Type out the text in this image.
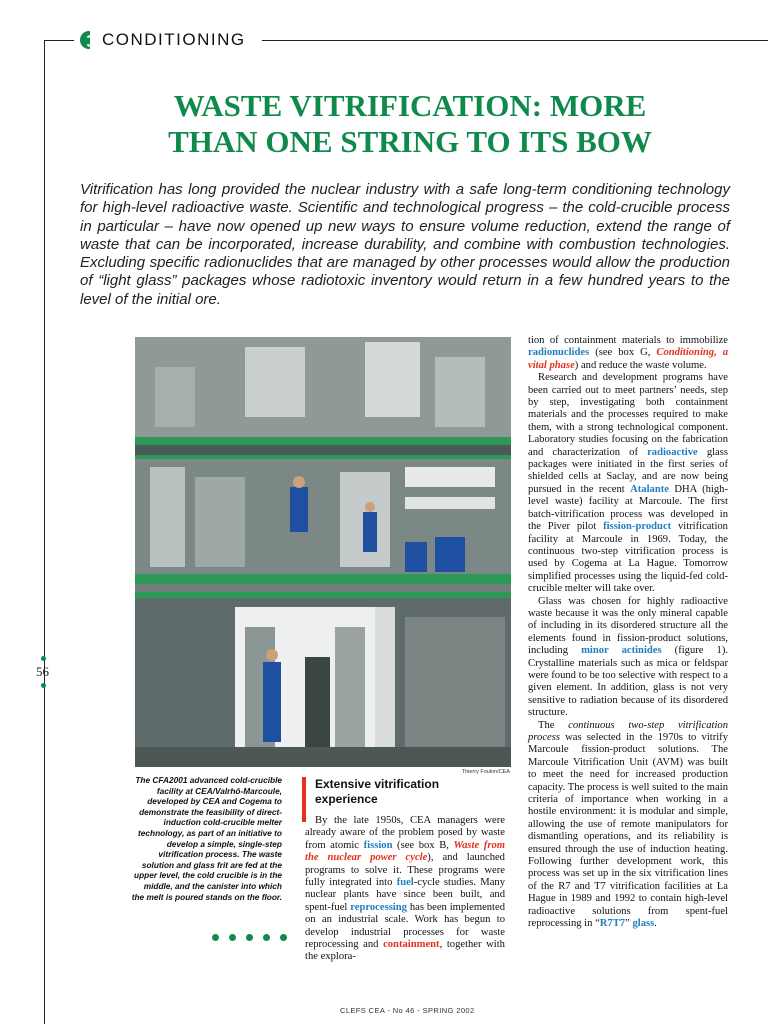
CONDITIONING
WASTE VITRIFICATION: MORE
THAN ONE STRING TO ITS BOW
Vitrification has long provided the nuclear industry with a safe long-term conditioning technology for high-level radioactive waste. Scientific and technological progress – the cold-crucible process in particular – have now opened up new ways to ensure volume reduction, extend the range of waste that can be incorporated, increase durability, and combine with combustion technologies. Excluding specific radionuclides that are managed by other processes would allow the production of “light glass” packages whose radiotoxic inventory would return in a few hundred years to the level of the initial ore.
Thierry Foulon/CEA
The CFA2001 advanced cold-crucible facility at CEA/Valrhô-Marcoule, developed by CEA and Cogema to demonstrate the feasibility of direct-induction cold-crucible melter technology, as part of an initiative to develop a simple, single-step vitrification process. The waste solution and glass frit are fed at the upper level, the cold crucible is in the middle, and the canister into which the melt is poured stands on the floor.
56
Extensive vitrification experience

By the late 1950s, CEA managers were already aware of the problem posed by waste from atomic fission (see box B, Waste from the nuclear power cycle), and launched programs to solve it. These programs were fully integrated into fuel-cycle studies. Many nuclear plants have since been built, and spent-fuel reprocessing has been implemented on an industrial scale. Work has begun to develop industrial processes for waste reprocessing and containment, together with the explora-

tion of containment materials to immobilize radionuclides (see box G, Conditioning, a vital phase) and reduce the waste volume.

Research and development programs have been carried out to meet partners’ needs, step by step, investigating both containment materials and the processes required to make them, with a strong technological component. Laboratory studies focusing on the fabrication and characterization of radioactive glass packages were initiated in the first series of shielded cells at Saclay, and are now being pursued in the recent Atalante DHA (high-level waste) facility at Marcoule. The first batch-vitrification process was developed in the Piver pilot fission-product vitrification facility at Marcoule in 1969. Today, the continuous two-step vitrification process is used by Cogema at La Hague. Tomorrow simplified processes using the liquid-fed cold-crucible melter will take over.

Glass was chosen for highly radioactive waste because it was the only mineral capable of including in its disordered structure all the elements found in fission-product solutions, including minor actinides (figure 1). Crystalline materials such as mica or feldspar were found to be too selective with respect to a given element. In addition, glass is not very sensitive to radiation because of its disordered structure.

The continuous two-step vitrification process was selected in the 1970s to vitrify Marcoule fission-product solutions. The Marcoule Vitrification Unit (AVM) was built to meet the need for increased production capacity. The process is well suited to the main criteria of importance when working in a hostile environment: it is modular and simple, allowing the use of remote manipulators for dismantling operations, and its reliability is ensured through the use of induction heating. Following further development work, this process was set up in the six vitrification lines of the R7 and T7 vitrification facilities at La Hague in 1989 and 1992 to contain high-level radioactive solutions from spent-fuel reprocessing in “R7T7” glass.

CLEFS CEA - No 46 - SPRING 2002
